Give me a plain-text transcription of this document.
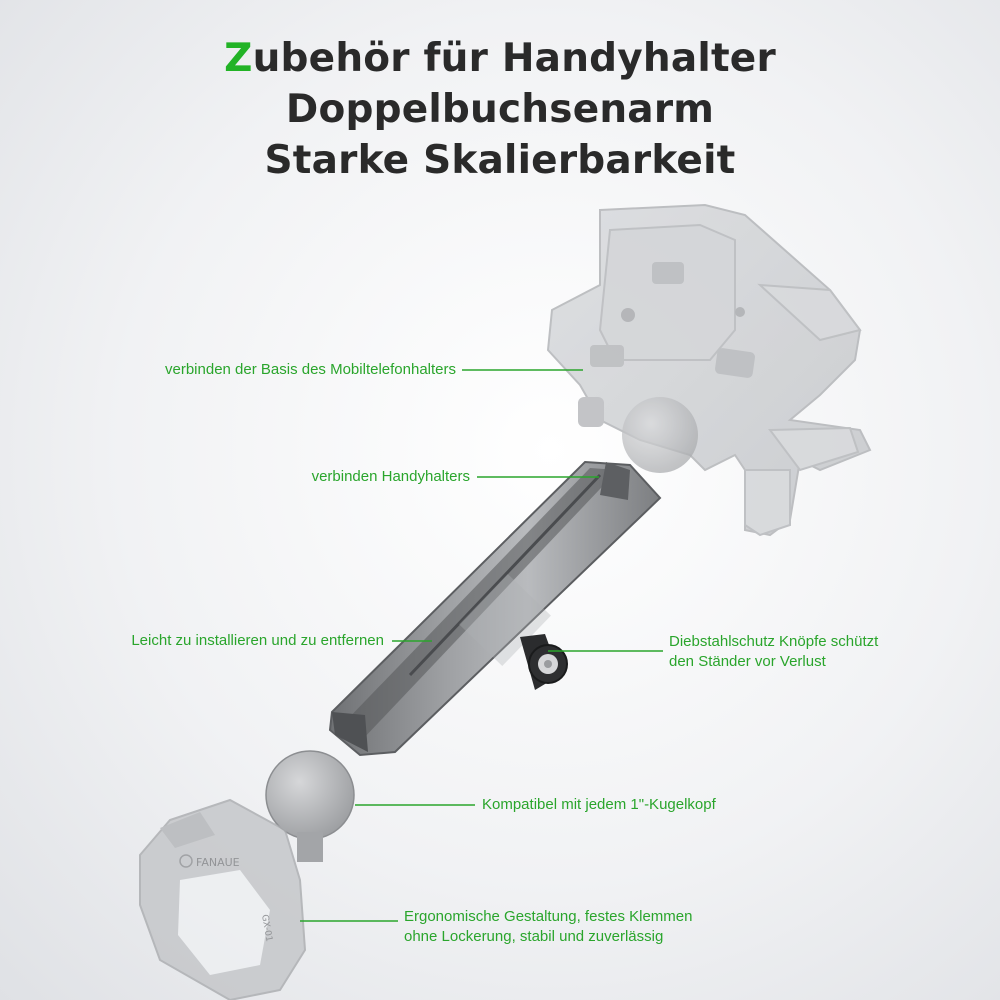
Zubehör für Handyhalter
Doppelbuchsenarm
Starke Skalierbarkeit
FANAUE
GX-01
verbinden der Basis des Mobiltelefonhalters
verbinden Handyhalters
Leicht zu installieren und zu entfernen	Diebstahlschutz Knöpfe schützt
den Ständer vor Verlust
Kompatibel mit jedem 1"-Kugelkopf
Ergonomische Gestaltung, festes Klemmen
ohne Lockerung, stabil und zuverlässig
